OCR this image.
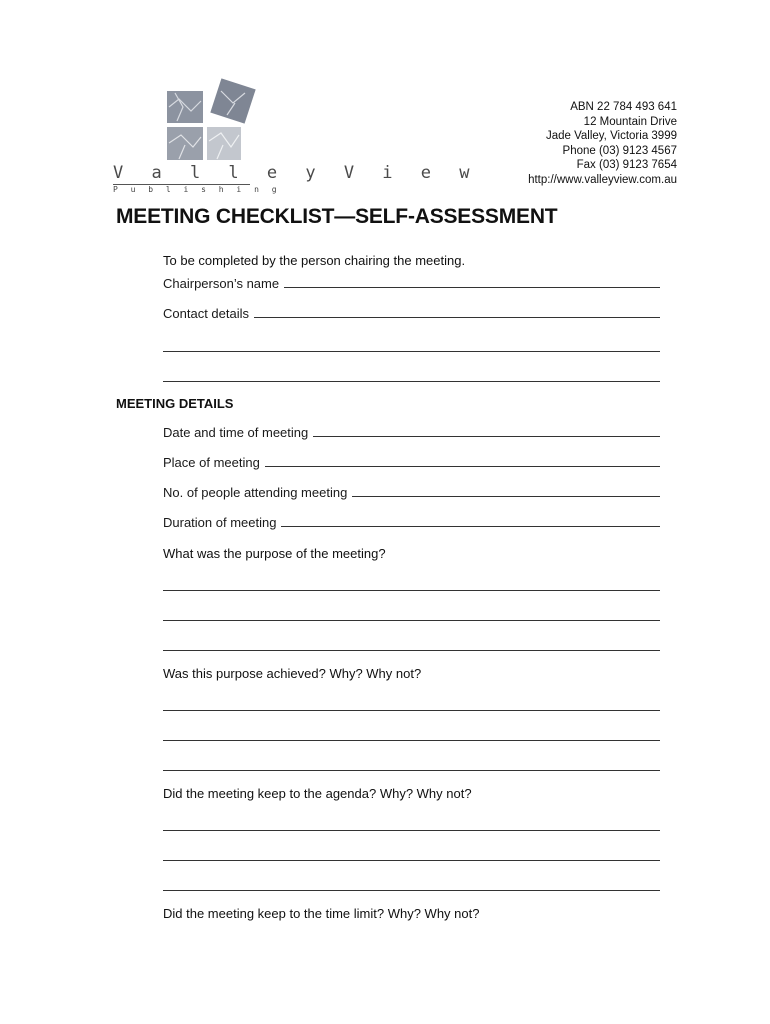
V a l l e y V i e w
P u b l i s h i n g
ABN 22 784 493 641
12 Mountain Drive
Jade Valley, Victoria 3999
Phone (03) 9123 4567
Fax (03) 9123 7654
http://www.valleyview.com.au
MEETING CHECKLIST—SELF-ASSESSMENT
To be completed by the person chairing the meeting.
Chairperson’s name
Contact details
MEETING DETAILS
Date and time of meeting
Place of meeting
No. of people attending meeting
Duration of meeting
What was the purpose of the meeting?
Was this purpose achieved? Why? Why not?
Did the meeting keep to the agenda? Why? Why not?
Did the meeting keep to the time limit? Why? Why not?
